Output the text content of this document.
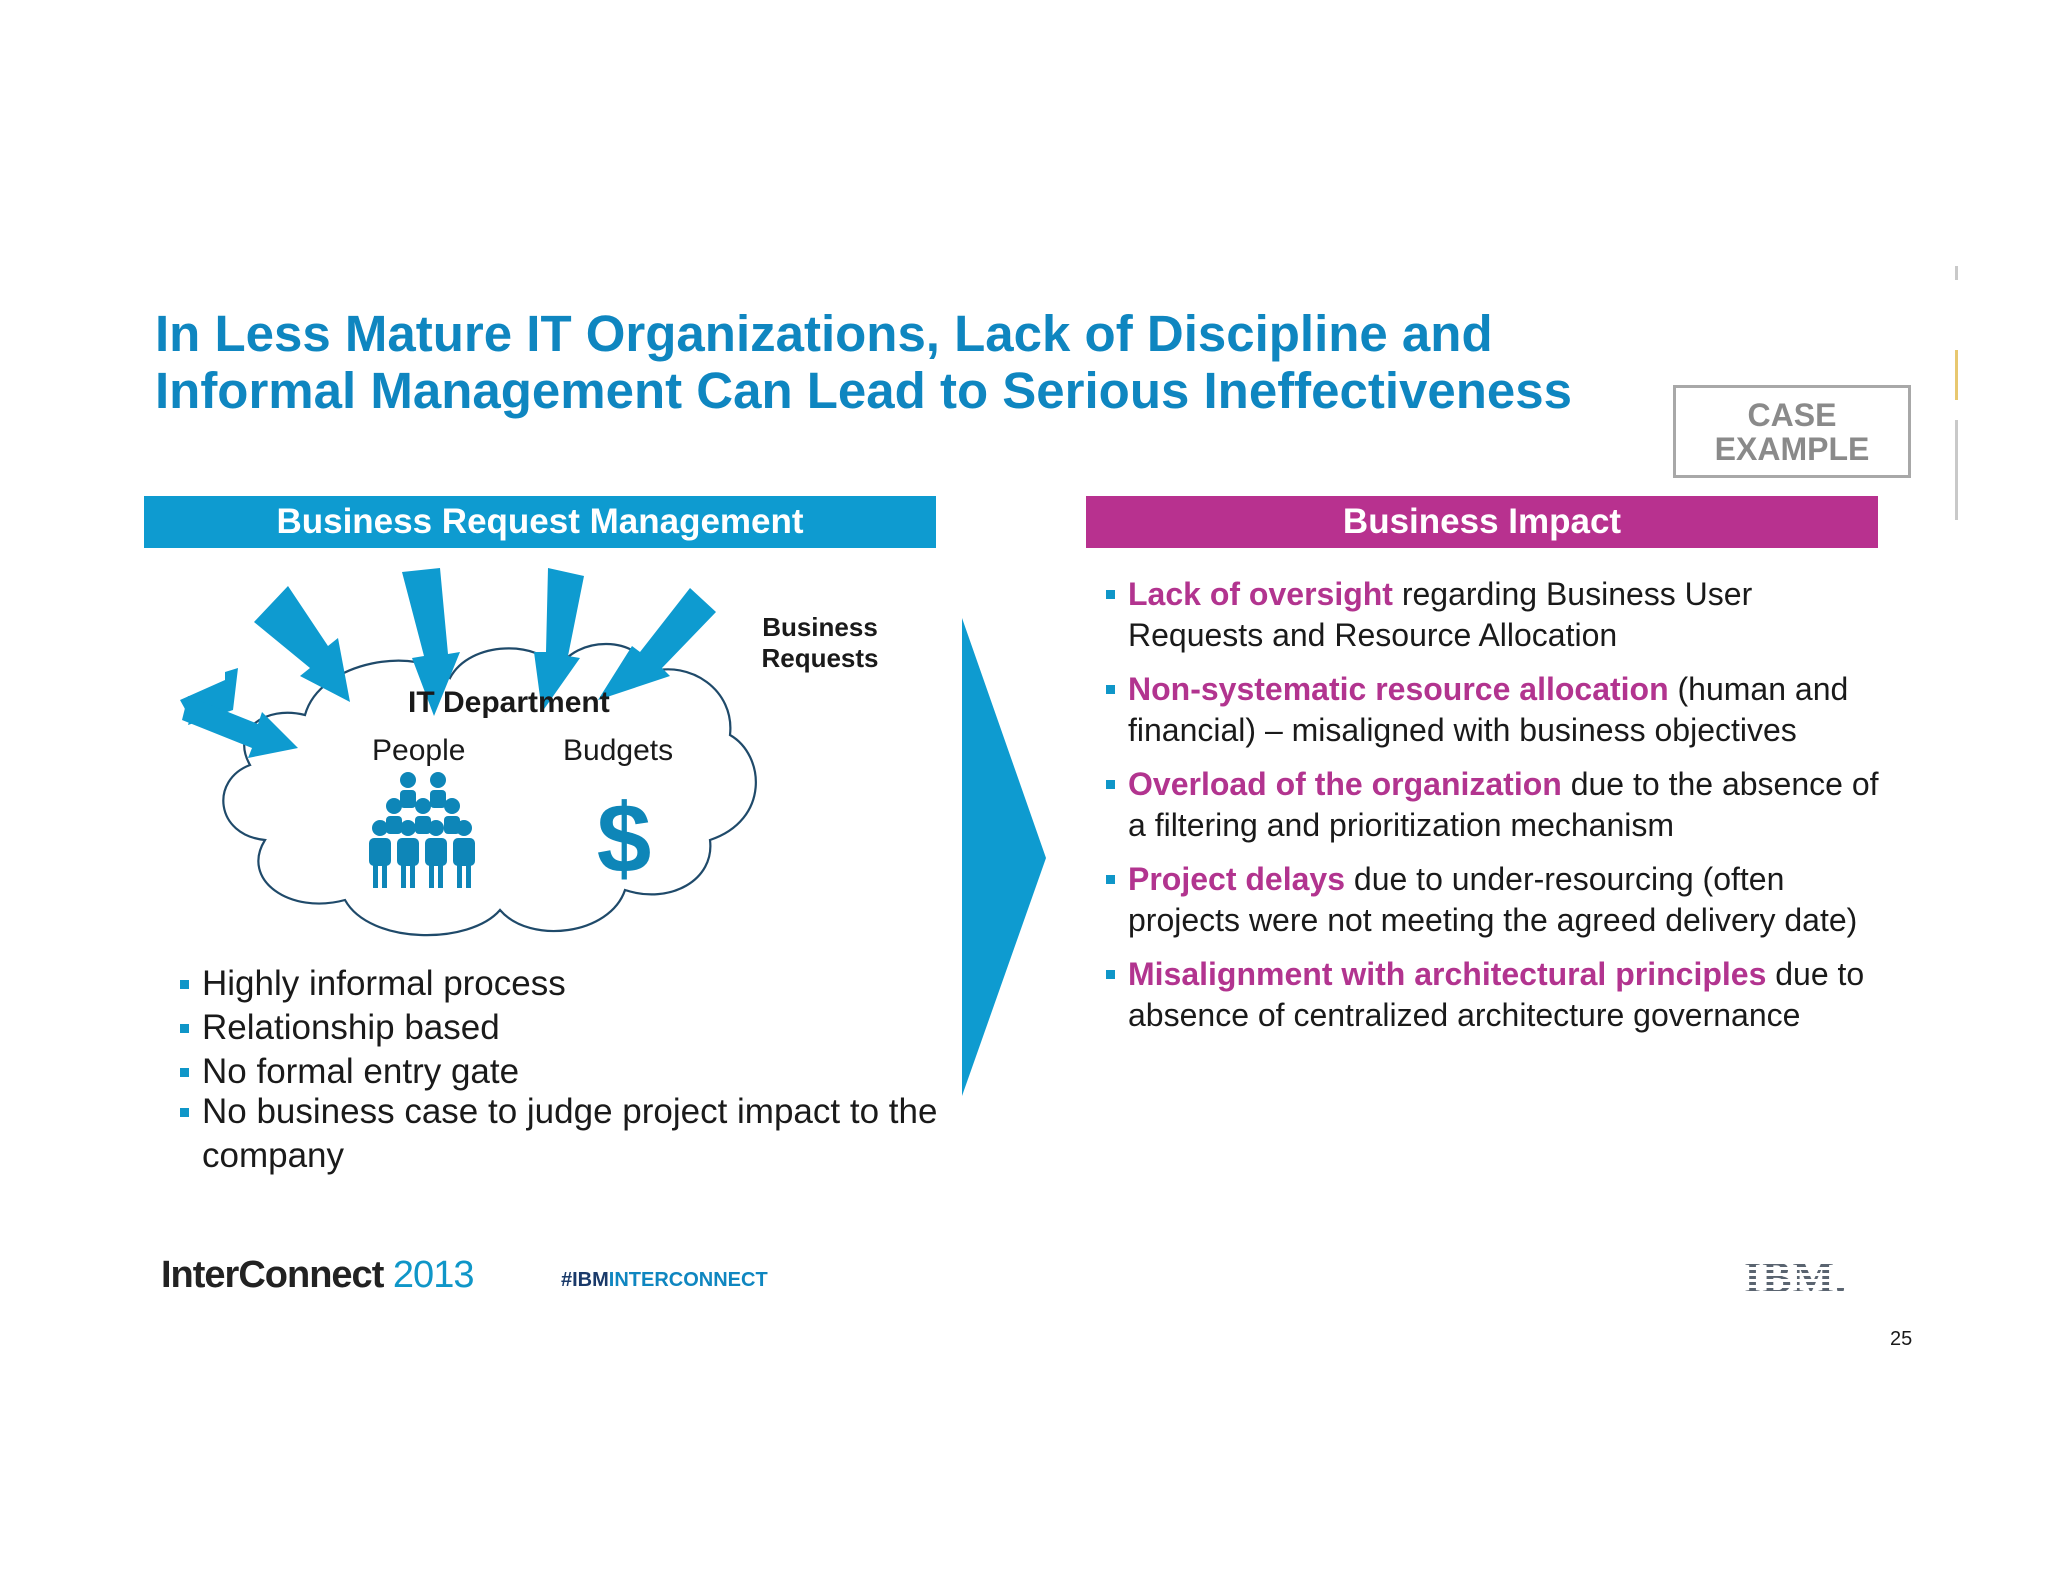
In Less Mature IT Organizations, Lack of Discipline and
Informal Management Can Lead to Serious Ineffectiveness	CASE
EXAMPLE
Business Request Management	Business Impact
$
Business Requests
IT Department
People	Budgets
Highly informal process
Relationship based
No formal entry gate
No business case to judge project impact to the company
Lack of oversight regarding Business User Requests and Resource Allocation
Non-systematic resource allocation (human and financial) – misaligned with business objectives
Overload of the organization due to the absence of a filtering and prioritization mechanism
Project delays due to under-resourcing (often projects were not meeting the agreed delivery date)
Misalignment with architectural principles due to absence of centralized architecture governance
InterConnect 2013	#IBMINTERCONNECT	IBM.
25
